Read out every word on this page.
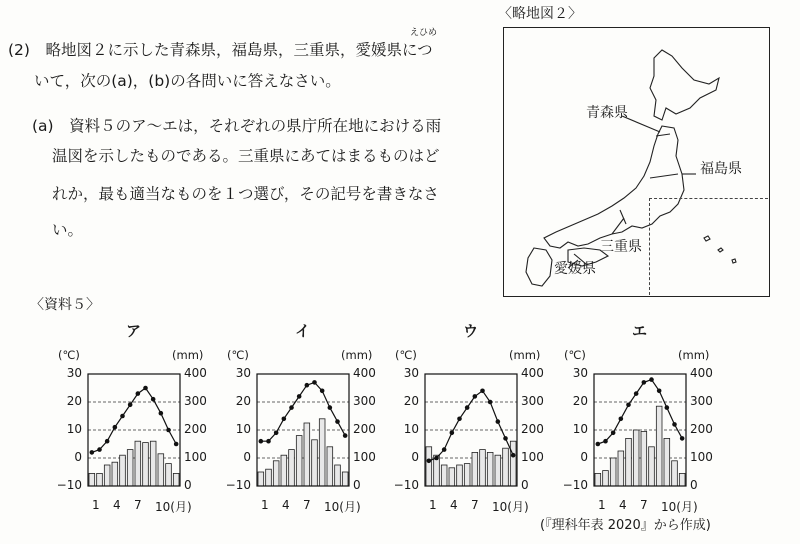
えひめ
(2)　略地図２に示した青森県，福島県，三重県，愛媛県につ
いて，次の(a)，(b)の各問いに答えなさい。
(a)　資料５のア～エは，それぞれの県庁所在地における雨
温図を示したものである。三重県にあてはまるものはど
れか，最も適当なものを１つ選び，その記号を書きなさ
い。
〈略地図２〉
青森県
福島県
三重県
愛媛県
〈資料５〉
ア
(℃)	(mm)
30
20
10
0
−10
400
300
200
100
0
1 4 7 10(月)
イ
(℃)	(mm)
30
20
10
0
−10
400
300
200
100
0
1 4 7 10(月)
ウ
(℃)	(mm)
30
20
10
0
−10
400
300
200
100
0
1 4 7 10(月)
エ
(℃)	(mm)
30
20
10
0
−10
400
300
200
100
0
1 4 7 10(月)
(『理科年表 2020』から作成)
